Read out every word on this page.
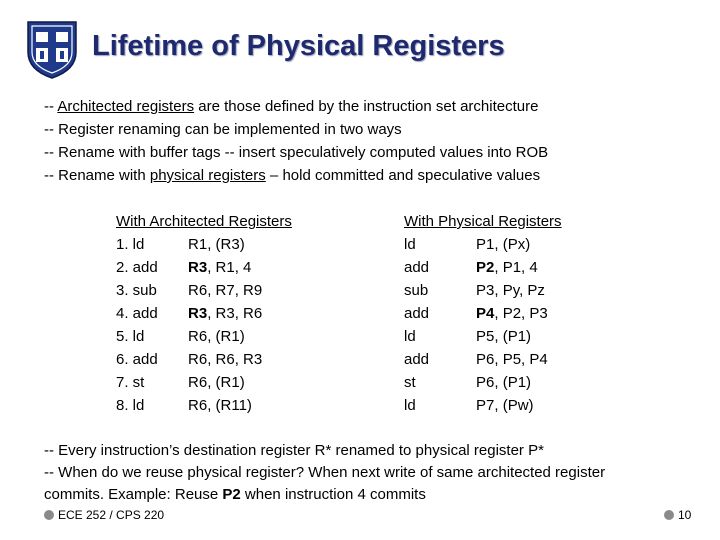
Lifetime of Physical Registers
-- Architected registers are those defined by the instruction set architecture
-- Register renaming can be implemented in two ways
-- Rename with buffer tags -- insert speculatively computed values into ROB
-- Rename with physical registers – hold committed and speculative values
With Architected Registers
1. ld	R1, (R3)
2. add	R3, R1, 4
3. sub	R6, R7, R9
4. add	R3, R3, R6
5. ld	R6, (R1)
6. add	R6, R6, R3
7. st	R6, (R1)
8. ld	R6, (R11)
With Physical Registers
ld	P1, (Px)
add	P2, P1, 4
sub	P3, Py, Pz
add	P4, P2, P3
ld	P5, (P1)
add	P6, P5, P4
st	P6, (P1)
ld	P7, (Pw)
-- Every instruction’s destination register R* renamed to physical register P*
-- When do we reuse physical register? When next write of same architected register commits. Example: Reuse P2 when instruction 4 commits
ECE 252 / CPS 220	10
